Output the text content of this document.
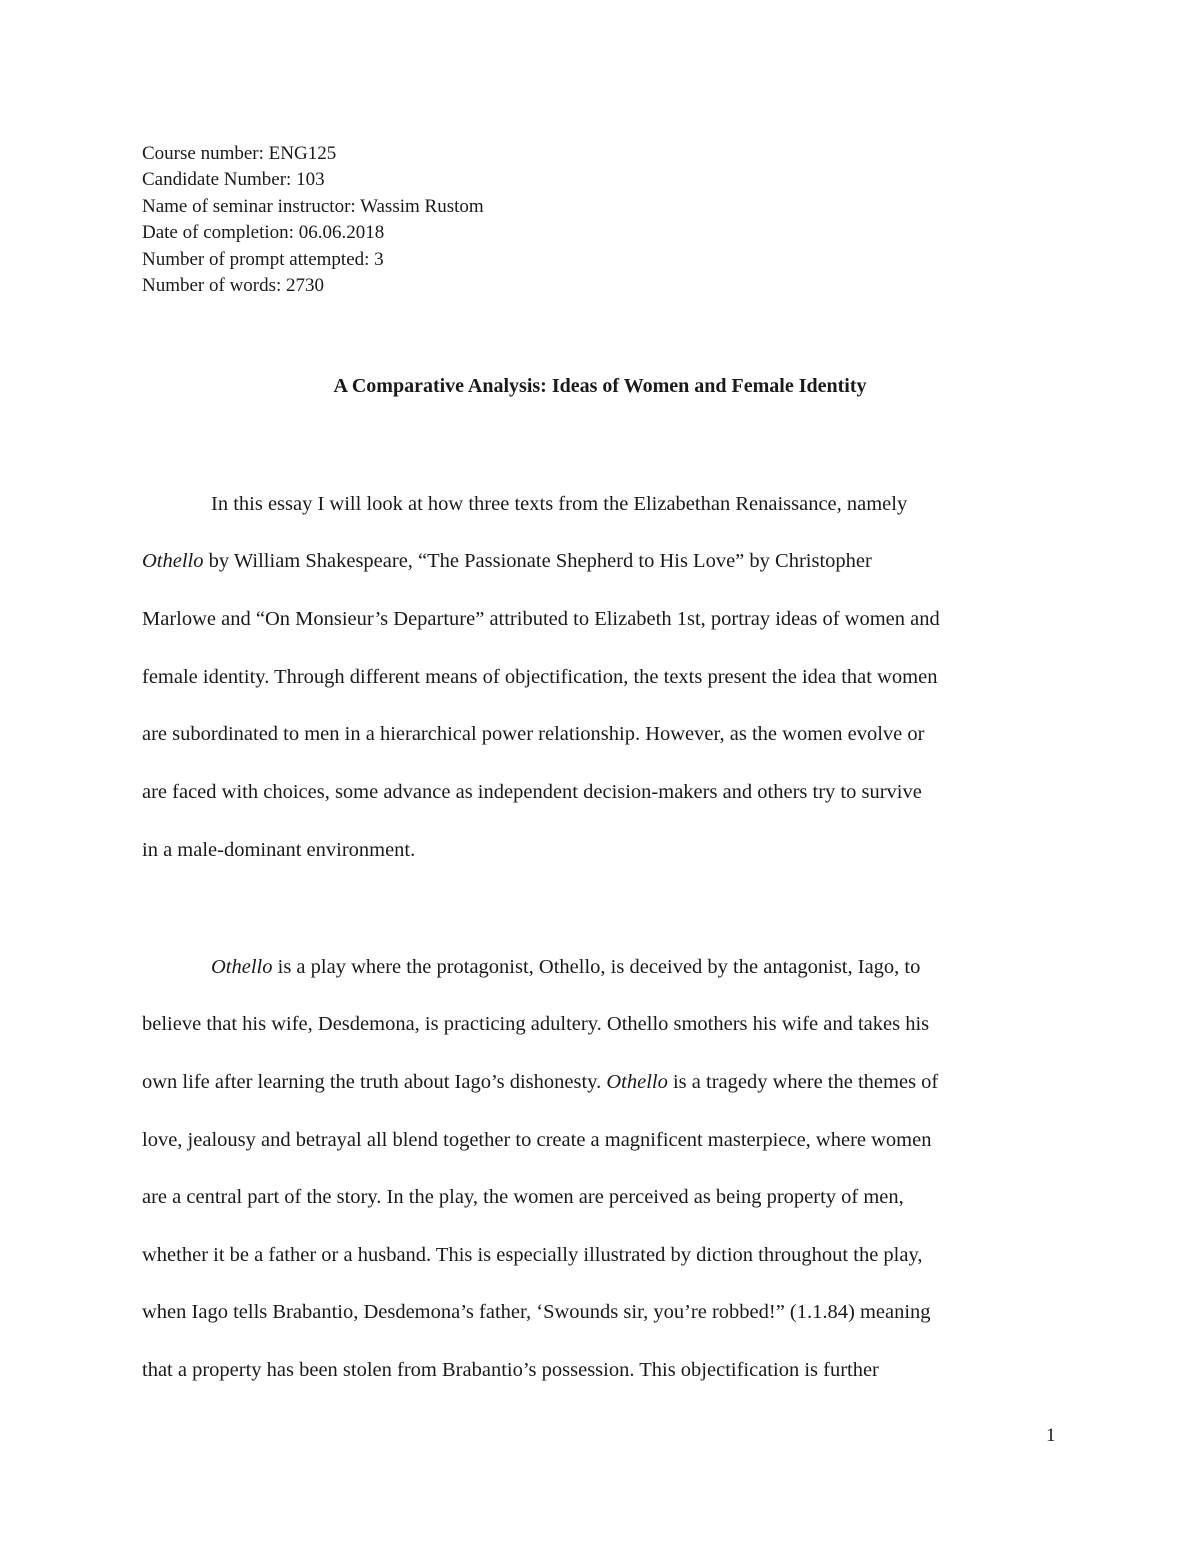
Course number: ENG125
Candidate Number: 103
Name of seminar instructor: Wassim Rustom
Date of completion: 06.06.2018
Number of prompt attempted: 3
Number of words: 2730
A Comparative Analysis: Ideas of Women and Female Identity
In this essay I will look at how three texts from the Elizabethan Renaissance, namely
Othello by William Shakespeare, “The Passionate Shepherd to His Love” by Christopher
Marlowe and “On Monsieur’s Departure” attributed to Elizabeth 1st, portray ideas of women and
female identity. Through different means of objectification, the texts present the idea that women
are subordinated to men in a hierarchical power relationship. However, as the women evolve or
are faced with choices, some advance as independent decision-makers and others try to survive
in a male-dominant environment.
Othello is a play where the protagonist, Othello, is deceived by the antagonist, Iago, to
believe that his wife, Desdemona, is practicing adultery. Othello smothers his wife and takes his
own life after learning the truth about Iago’s dishonesty. Othello is a tragedy where the themes of
love, jealousy and betrayal all blend together to create a magnificent masterpiece, where women
are a central part of the story. In the play, the women are perceived as being property of men,
whether it be a father or a husband. This is especially illustrated by diction throughout the play,
when Iago tells Brabantio, Desdemona’s father, ‘Swounds sir, you’re robbed!” (1.1.84) meaning
that a property has been stolen from Brabantio’s possession. This objectification is further
1
